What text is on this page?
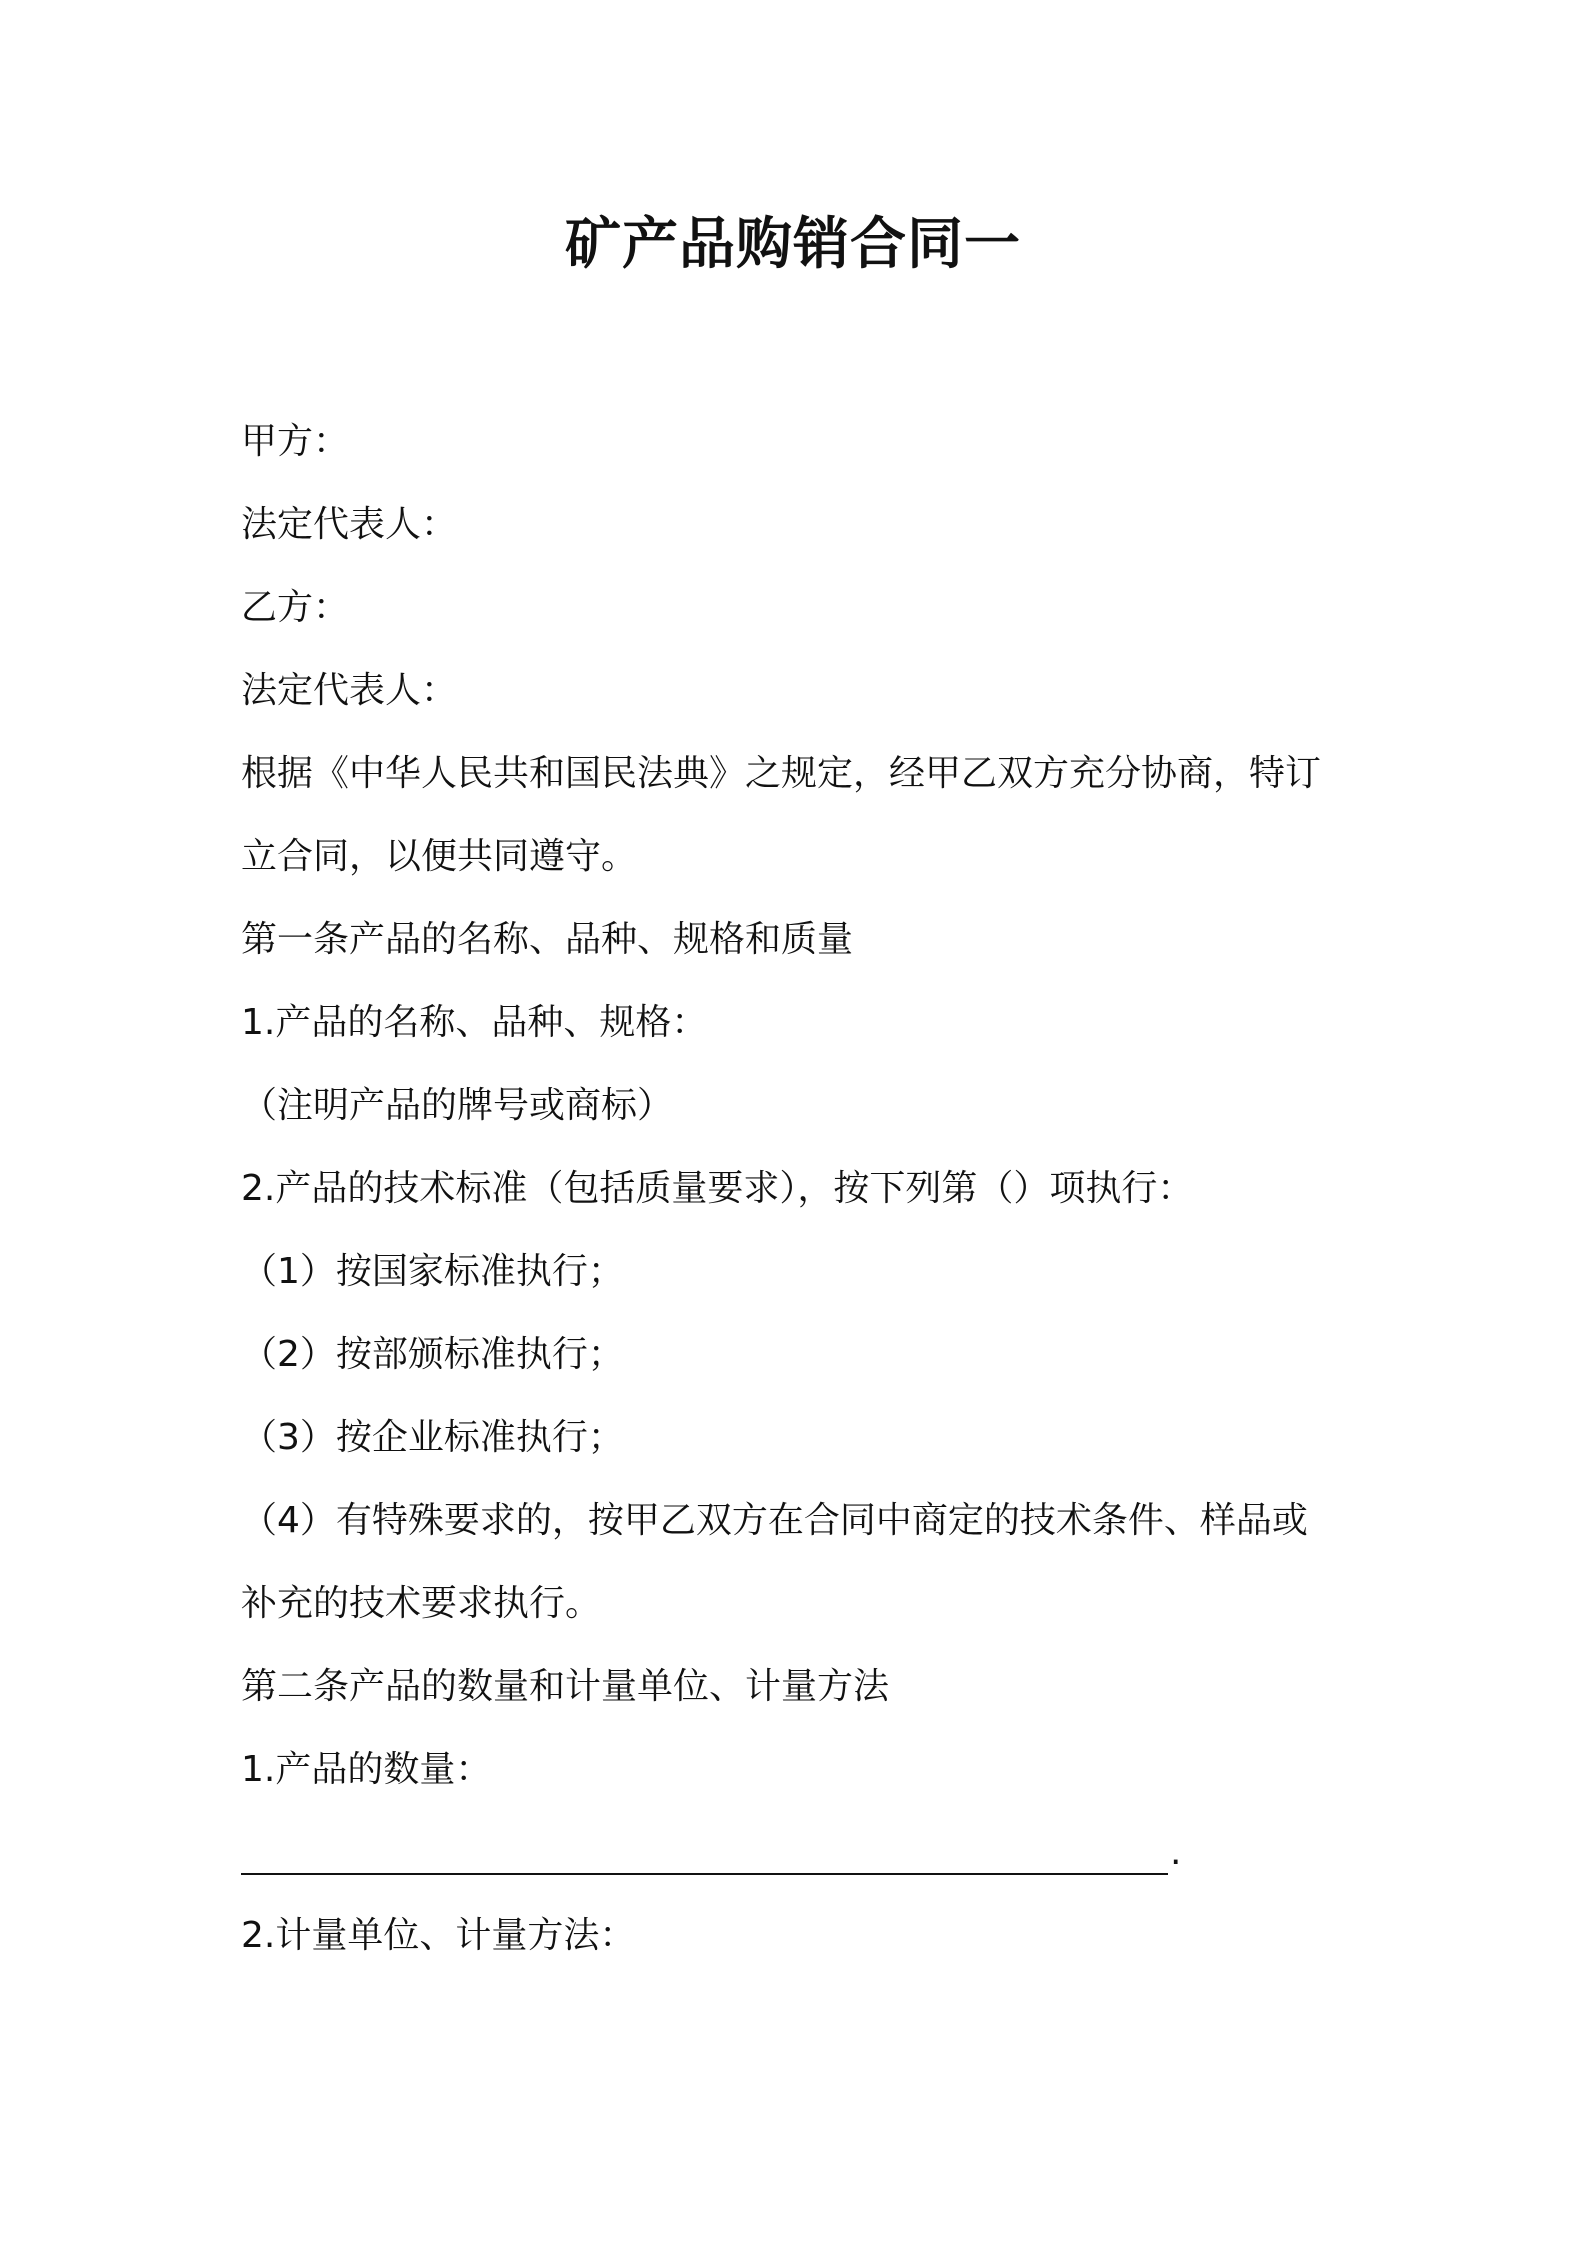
矿产品购销合同一
甲方：
法定代表人：
乙方：
法定代表人：
根据《中华人民共和国民法典》之规定，经甲乙双方充分协商，特订
立合同，以便共同遵守。
第一条产品的名称、品种、规格和质量
1.产品的名称、品种、规格：
（注明产品的牌号或商标）
2.产品的技术标准（包括质量要求），按下列第（）项执行：
（1）按国家标准执行；
（2）按部颁标准执行；
（3）按企业标准执行；
（4）有特殊要求的，按甲乙双方在合同中商定的技术条件、样品或
补充的技术要求执行。
第二条产品的数量和计量单位、计量方法
1.产品的数量：
.
2.计量单位、计量方法：
